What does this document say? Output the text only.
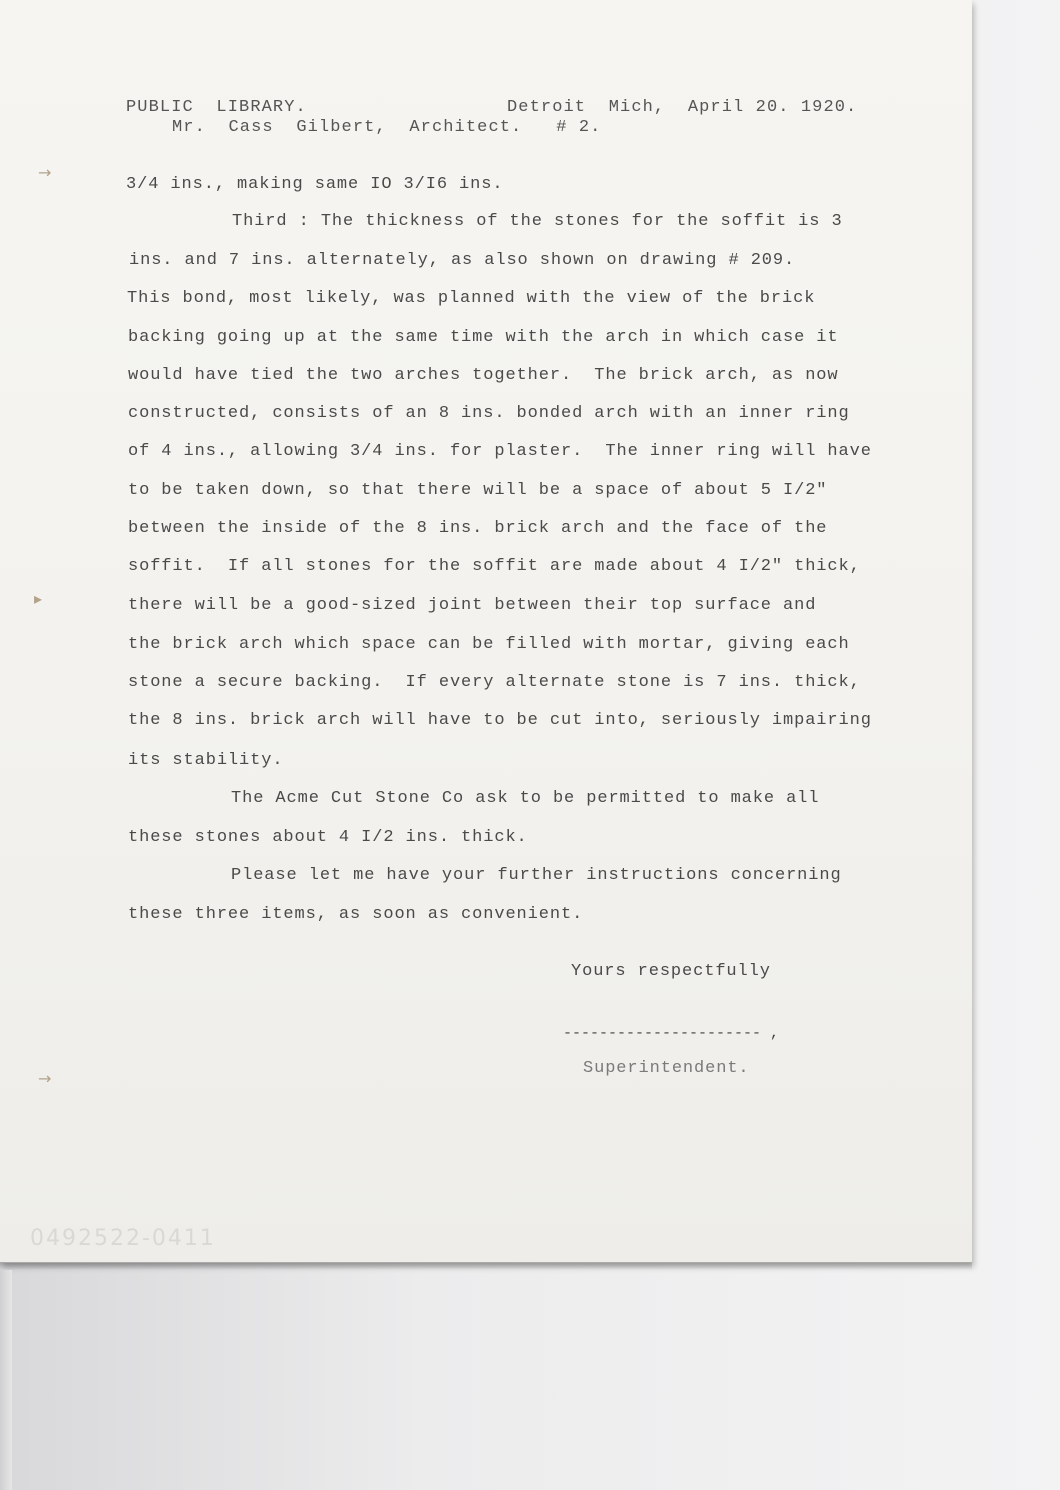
PUBLIC  LIBRARY.	Detroit  Mich,  April 20. 1920.
Mr.  Cass  Gilbert,  Architect.   # 2.
→
▸
→
3/4 ins., making same IO 3/I6 ins.
Third : The thickness of the stones for the soffit is 3
ins. and 7 ins. alternately, as also shown on drawing # 209.
This bond, most likely, was planned with the view of the brick
backing going up at the same time with the arch in which case it
would have tied the two arches together.  The brick arch, as now
constructed, consists of an 8 ins. bonded arch with an inner ring
of 4 ins., allowing 3/4 ins. for plaster.  The inner ring will have
to be taken down, so that there will be a space of about 5 I/2"
between the inside of the 8 ins. brick arch and the face of the
soffit.  If all stones for the soffit are made about 4 I/2" thick,
there will be a good-sized joint between their top surface and
the brick arch which space can be filled with mortar, giving each
stone a secure backing.  If every alternate stone is 7 ins. thick,
the 8 ins. brick arch will have to be cut into, seriously impairing
its stability.
The Acme Cut Stone Co ask to be permitted to make all
these stones about 4 I/2 ins. thick.
Please let me have your further instructions concerning
these three items, as soon as convenient.
Yours respectfully
---------------------- ,
Superintendent.
0492522-0411
